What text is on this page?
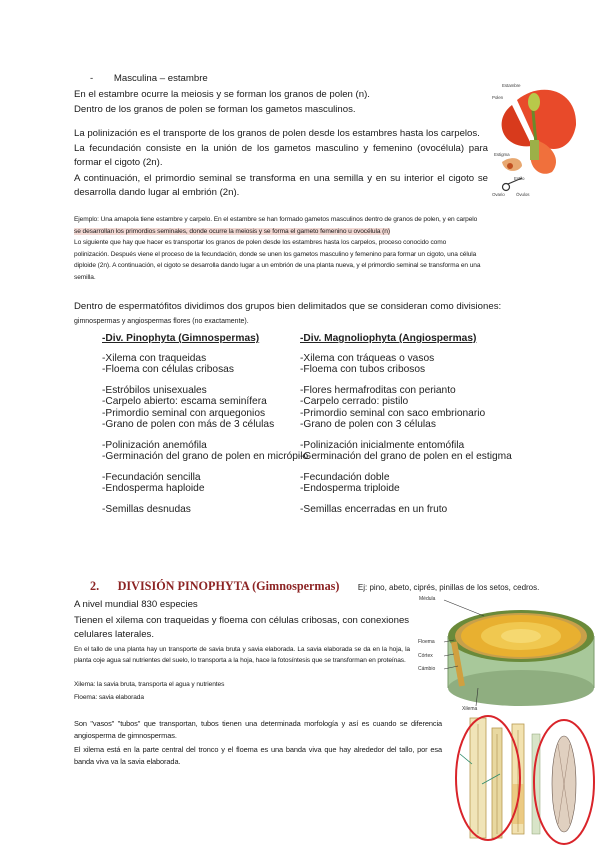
- Masculina – estambre
En el estambre ocurre la meiosis y se forman los granos de polen (n).
Dentro de los granos de polen se forman los gametos masculinos.
La polinización es el transporte de los granos de polen desde los estambres hasta los carpelos.
La fecundación consiste en la unión de los gametos masculino y femenino (ovocélula) para formar el cigoto (2n).
A continuación, el primordio seminal se transforma en una semilla y en su interior el cigoto se desarrolla dando lugar al embrión (2n).
Estambre
Polen
Estigma
Estilo
Ovario	Óvulos
Ejemplo: Una amapola tiene estambre y carpelo. En el estambre se han formado gametos masculinos dentro de granos de polen, y en carpelo
se desarrollan los primordios seminales, donde ocurre la meiosis y se forma el gameto femenino u ovocélula (n)
Lo siguiente que hay que hacer es transportar los granos de polen desde los estambres hasta los carpelos, proceso conocido como
polinización. Después viene el proceso de la fecundación, donde se unen los gametos masculino y femenino para formar un cigoto, una célula
diploide (2n). A continuación, el cigoto se desarrolla dando lugar a un embrión de una planta nueva, y el primordio seminal se transforma en una
semilla.
Dentro de espermatófitos dividimos dos grupos bien delimitados que se consideran como divisiones: gimnospermas y angiospermas flores (no exactamente).
-Div. Pinophyta (Gimnospermas)
-Xilema con traqueidas
-Floema con células cribosas
-Estróbilos unisexuales
-Carpelo abierto: escama seminífera
-Primordio seminal con arquegonios
-Grano de polen con más de 3 células
-Polinización anemófila
-Germinación del grano de polen en micrópilo
-Fecundación sencilla
-Endosperma haploide
-Semillas desnudas
-Div. Magnoliophyta (Angiospermas)
-Xilema con tráqueas o vasos
-Floema con tubos cribosos
-Flores hermafroditas con perianto
-Carpelo cerrado: pistilo
-Primordio seminal con saco embrionario
-Grano de polen con 3 células
-Polinización inicialmente entomófila
-Germinación del grano de polen en el estigma
-Fecundación doble
-Endosperma triploide
-Semillas encerradas en un fruto
2. DIVISIÓN PINOPHYTA (Gimnospermas) Ej: pino, abeto, ciprés, pinillas de los setos, cedros.
A nivel mundial 830 especies
Tienen el xilema con traqueidas y floema con células cribosas, con conexiones celulares laterales.
En el tallo de una planta hay un transporte de savia bruta y savia elaborada. La savia elaborada se da en la hoja, la planta coje agua sal nutrientes del suelo, lo transporta a la hoja, hace la fotosíntesis que se transforman en proteínas.
Xilema: la savia bruta, transporta el agua y nutrientes
Floema: savia elaborada
Médula
Floema
Córtex
Cámbio
Xilema
Son "vasos" "tubos" que transportan, tubos tienen una determinada morfología y así es cuando se diferencia angiosperma de gimnospermas.
El xilema está en la parte central del tronco y el floema es una banda viva que hay alrededor del tallo, por esa banda viva va la savia elaborada.
